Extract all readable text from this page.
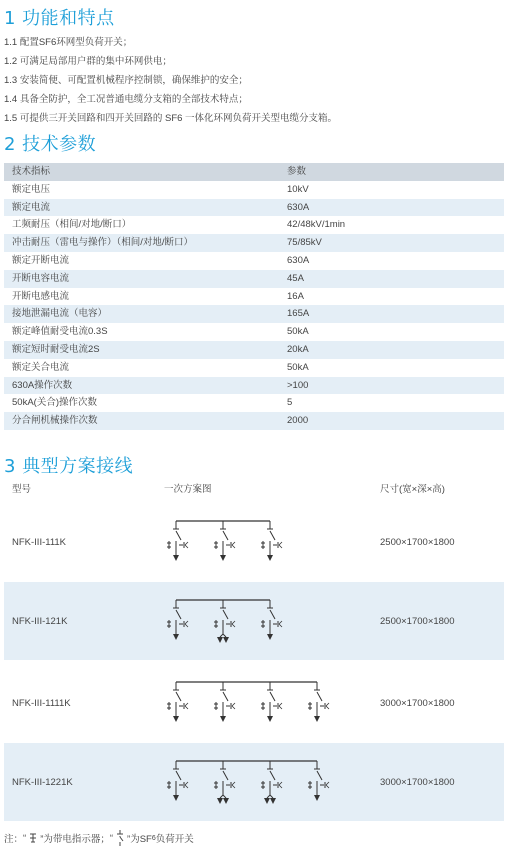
1 功能和特点
1.1 配置SF6环网型负荷开关；
1.2 可满足局部用户群的集中环网供电；
1.3 安装简便、可配置机械程序控制锁，确保维护的安全；
1.4 具备全防护，全工况普通电缆分支箱的全部技术特点；
1.5 可提供三开关回路和四开关回路的 SF6 一体化环网负荷开关型电缆分支箱。
2 技术参数
技术指标	参数
额定电压	10kV
额定电流	630A
工频耐压（相间/对地/断口）	42/48kV/1min
冲击耐压（雷电与操作）（相间/对地/断口）	75/85kV
额定开断电流	630A
开断电容电流	45A
开断电感电流	16A
接地泄漏电流（电容）	165A
额定峰值耐受电流0.3S	50kA
额定短时耐受电流2S	20kA
额定关合电流	50kA
630A操作次数	>100
50kA(关合)操作次数	5
分合闸机械操作次数	2000
3 典型方案接线
型号	一次方案图	尺寸(宽×深×高)
NFK-III-111K	2500×1700×1800
NFK-III-121K	2500×1700×1800
NFK-III-1111K	3000×1700×1800
NFK-III-1221K	3000×1700×1800
注： “ ”为带电指示器； “ ”为SF 6 负荷开关
